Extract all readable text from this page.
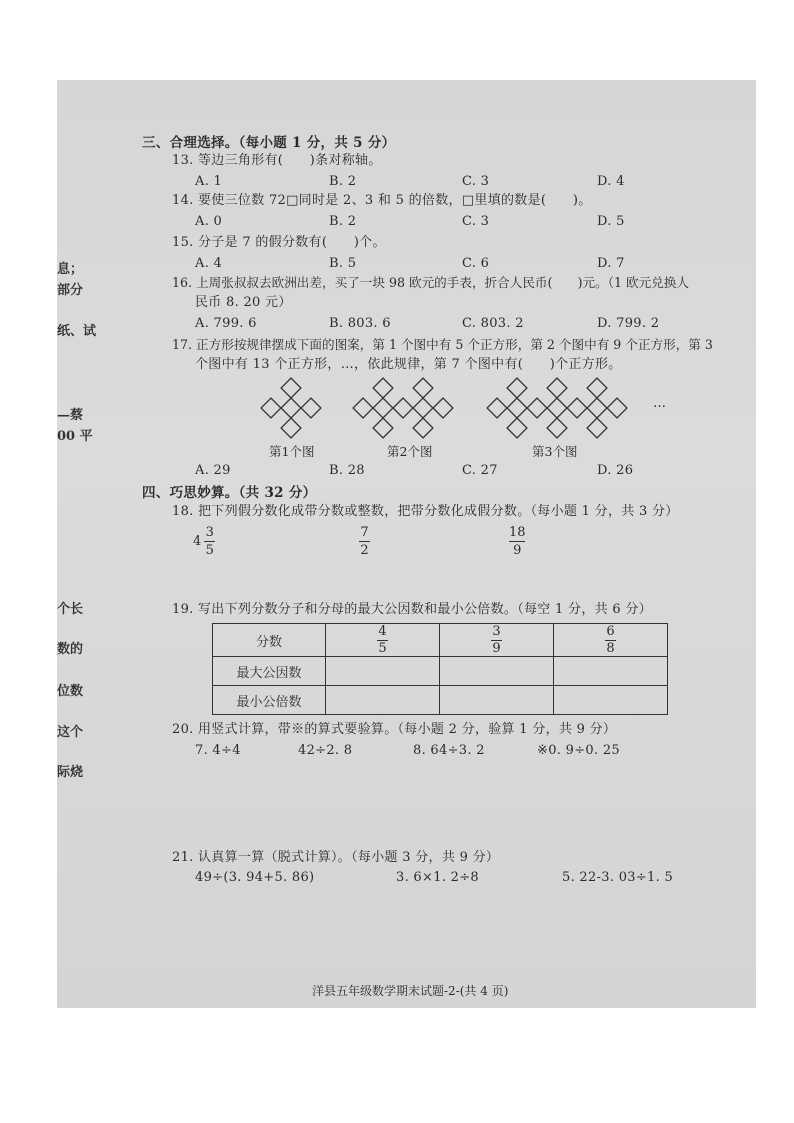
息；
部分
纸、试
—蔡
00 平
个长
数的
位数
这个
际烧
三、合理选择。（每小题 1 分，共 5 分）
13. 等边三角形有(　　)条对称轴。
A. 1	B. 2	C. 3	D. 4
14. 要使三位数 72□同时是 2、3 和 5 的倍数，□里填的数是(　　)。
A. 0	B. 2	C. 3	D. 5
15. 分子是 7 的假分数有(　　)个。
A. 4	B. 5	C. 6	D. 7
16. 上周张叔叔去欧洲出差，买了一块 98 欧元的手表，折合人民币(　　)元。（1 欧元兑换人
民币 8. 20 元）
A. 799. 6	B. 803. 6	C. 803. 2	D. 799. 2
17. 正方形按规律摆成下面的图案，第 1 个图中有 5 个正方形，第 2 个图中有 9 个正方形，第 3
个图中有 13 个正方形，…，依此规律，第 7 个图中有(　　)个正方形。
第1个图	第2个图	第3个图
…
A. 29	B. 28	C. 27	D. 26
四、巧思妙算。（共 32 分）
18. 把下列假分数化成带分数或整数，把带分数化成假分数。（每小题 1 分，共 3 分）
$4 \frac{3}{5}$	7
2
18
9
19. 写出下列分数分子和分母的最大公因数和最小公倍数。（每空 1 分，共 6 分）
分数	$\frac{4}{5}$	$\frac{3}{9}$	$\frac{6}{8}$

最大公因数			
最小公倍数			
20. 用竖式计算，带※的算式要验算。（每小题 2 分，验算 1 分，共 9 分）
7. 4÷4	42÷2. 8	8. 64÷3. 2	※0. 9÷0. 25
21. 认真算一算（脱式计算）。（每小题 3 分，共 9 分）
49÷(3. 94+5. 86)	3. 6×1. 2÷8	5. 22-3. 03÷1. 5
洋县五年级数学期末试题-2-(共 4 页)
